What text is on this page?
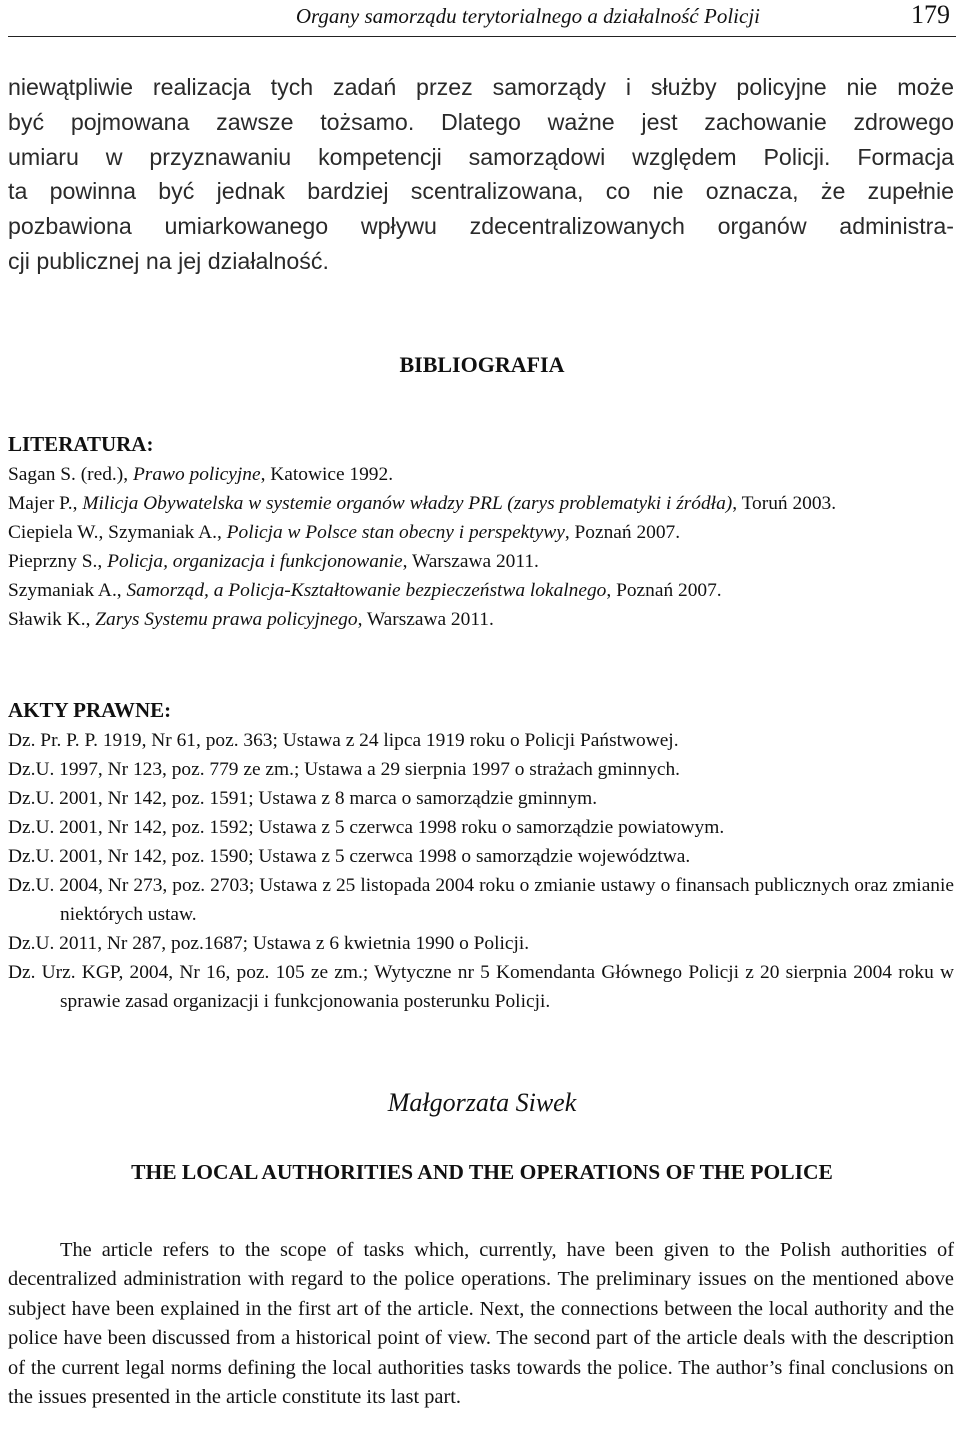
Organy samorządu terytorialnego a działalność Policji	179
niewątpliwie realizacja tych zadań przez samorządy i służby policyjne nie może
być pojmowana zawsze tożsamo. Dlatego ważne jest zachowanie zdrowego
umiaru w przyznawaniu kompetencji samorządowi względem Policji. Formacja
ta powinna być jednak bardziej scentralizowana, co nie oznacza, że zupełnie
pozbawiona umiarkowanego wpływu zdecentralizowanych organów administra-
cji publicznej na jej działalność.
BIBLIOGRAFIA
LITERATURA:
Sagan S. (red.), Prawo policyjne, Katowice 1992.
Majer P., Milicja Obywatelska w systemie organów władzy PRL (zarys problematyki i źródła), Toruń 2003.
Ciepiela W., Szymaniak A., Policja w Polsce stan obecny i perspektywy, Poznań 2007.
Pieprzny S., Policja, organizacja i funkcjonowanie, Warszawa 2011.
Szymaniak A., Samorząd, a Policja-Kształtowanie bezpieczeństwa lokalnego, Poznań 2007.
Sławik K., Zarys Systemu prawa policyjnego, Warszawa 2011.
AKTY PRAWNE:
Dz. Pr. P. P. 1919, Nr 61, poz. 363; Ustawa z 24 lipca 1919 roku o Policji Państwowej.
Dz.U. 1997, Nr 123, poz. 779 ze zm.; Ustawa a 29 sierpnia 1997 o strażach gminnych.
Dz.U. 2001, Nr 142, poz. 1591; Ustawa z 8 marca o samorządzie gminnym.
Dz.U. 2001, Nr 142, poz. 1592; Ustawa z 5 czerwca 1998 roku o samorządzie powiatowym.
Dz.U. 2001, Nr 142, poz. 1590; Ustawa z 5 czerwca 1998 o samorządzie województwa.
Dz.U. 2004, Nr 273, poz. 2703; Ustawa z 25 listopada 2004 roku o zmianie ustawy o finansach publicznych oraz zmianie niektórych ustaw.
Dz.U. 2011, Nr 287, poz.1687; Ustawa z 6 kwietnia 1990 o Policji.
Dz. Urz. KGP, 2004, Nr 16, poz. 105 ze zm.; Wytyczne nr 5 Komendanta Głównego Policji z 20 sierpnia 2004 roku w sprawie zasad organizacji i funkcjonowania posterunku Policji.
Małgorzata Siwek
THE LOCAL AUTHORITIES AND THE OPERATIONS OF THE POLICE
The article refers to the scope of tasks which, currently, have been given to the Polish authorities of decentralized administration with regard to the police operations. The preliminary issues on the mentioned above subject have been explained in the first art of the article. Next, the connections between the local authority and the police have been discussed from a historical point of view. The second part of the article deals with the description of the current legal norms defining the local authorities tasks towards the police. The author’s final conclusions on the issues presented in the article constitute its last part.
